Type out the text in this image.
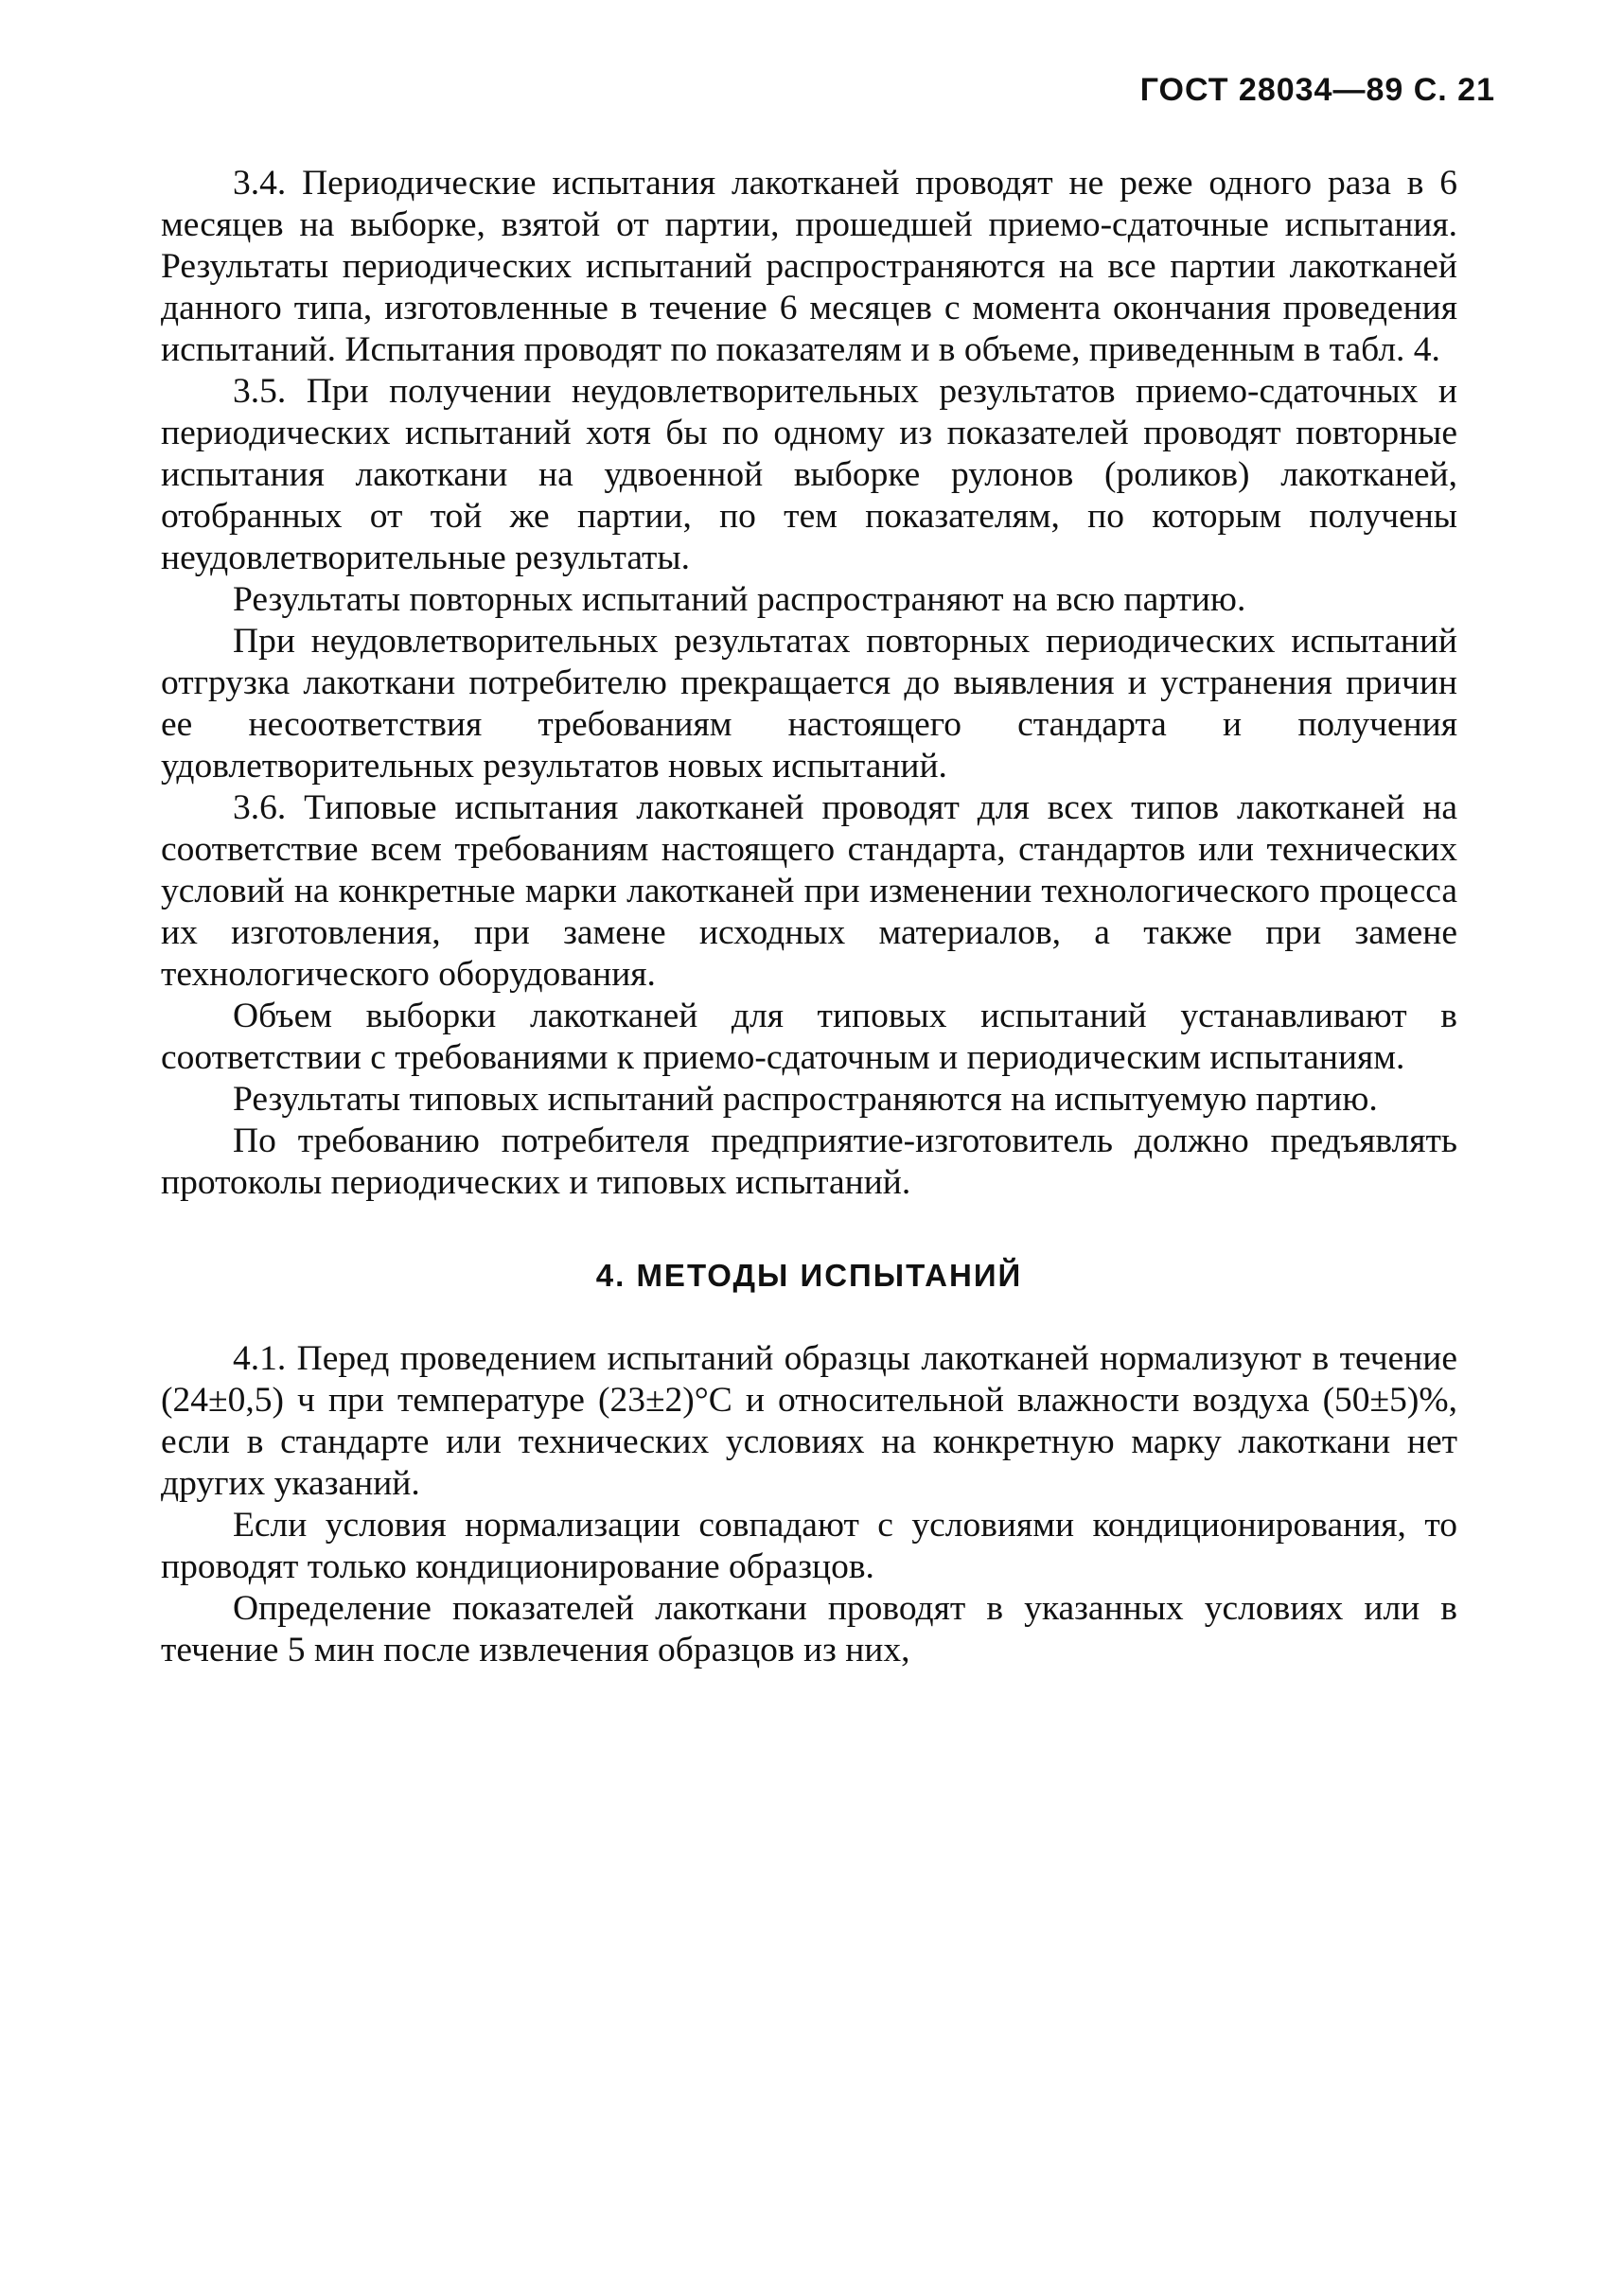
ГОСТ 28034—89 С. 21

3.4. Периодические испытания лакотканей проводят не реже одного раза в 6 месяцев на выборке, взятой от партии, прошедшей приемо-сдаточные испытания. Результаты периодических испытаний распространяются на все партии лакотканей данного типа, изготовленные в течение 6 месяцев с момента окончания проведения испытаний. Испытания проводят по показателям и в объеме, приведенным в табл. 4.

3.5. При получении неудовлетворительных результатов приемо-сдаточных и периодических испытаний хотя бы по одному из показателей проводят повторные испытания лакоткани на удвоенной выборке рулонов (роликов) лакотканей, отобранных от той же партии, по тем показателям, по которым получены неудовлетворительные результаты.

Результаты повторных испытаний распространяют на всю партию.

При неудовлетворительных результатах повторных периодических испытаний отгрузка лакоткани потребителю прекращается до выявления и устранения причин ее несоответствия требованиям настоящего стандарта и получения удовлетворительных результатов новых испытаний.

3.6. Типовые испытания лакотканей проводят для всех типов лакотканей на соответствие всем требованиям настоящего стандарта, стандартов или технических условий на конкретные марки лакотканей при изменении технологического процесса их изготовления, при замене исходных материалов, а также при замене технологического оборудования.

Объем выборки лакотканей для типовых испытаний устанавливают в соответствии с требованиями к приемо-сдаточным и периодическим испытаниям.

Результаты типовых испытаний распространяются на испытуемую партию.

По требованию потребителя предприятие-изготовитель должно предъявлять протоколы периодических и типовых испытаний.

4. МЕТОДЫ ИСПЫТАНИЙ

4.1. Перед проведением испытаний образцы лакотканей нормализуют в течение (24±0,5) ч при температуре (23±2)°С и относительной влажности воздуха (50±5)%, если в стандарте или технических условиях на конкретную марку лакоткани нет других указаний.

Если условия нормализации совпадают с условиями кондиционирования, то проводят только кондиционирование образцов.

Определение показателей лакоткани проводят в указанных условиях или в течение 5 мин после извлечения образцов из них,
